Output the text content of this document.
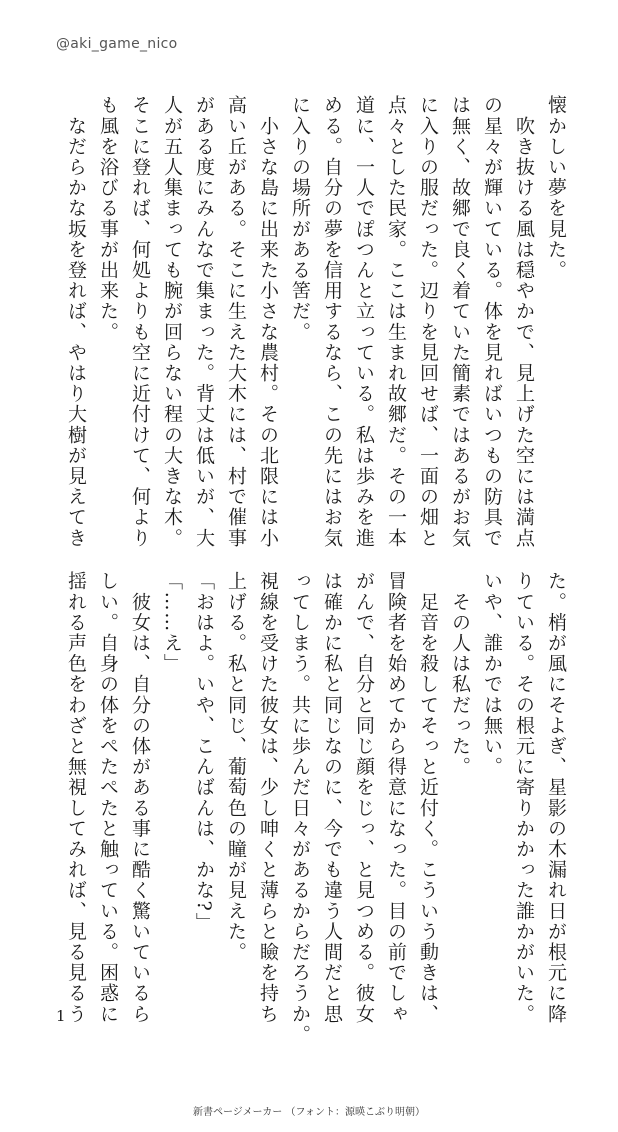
@aki_game_nico

懐かしい夢を見た。

　吹き抜ける風は穏やかで、見上げた空には満点

の星々が輝いている。体を見ればいつもの防具で

は無く、故郷で良く着ていた簡素ではあるがお気

に入りの服だった。辺りを見回せば、一面の畑と

点々とした民家。ここは生まれ故郷だ。その一本

道に、一人でぽつんと立っている。私は歩みを進

める。自分の夢を信用するなら、この先にはお気

に入りの場所がある筈だ。

　小さな島に出来た小さな農村。その北限には小

高い丘がある。そこに生えた大木には、村で催事

がある度にみんなで集まった。背丈は低いが、大

人が五人集まっても腕が回らない程の大きな木。

そこに登れば、何処よりも空に近付けて、何より

も風を浴びる事が出来た。

　なだらかな坂を登れば、やはり大樹が見えてき

た。梢が風にそよぎ、星影の木漏れ日が根元に降

りている。その根元に寄りかかった誰かがいた。

いや、誰かでは無い。

　その人は私だった。

　足音を殺してそっと近付く。こういう動きは、

冒険者を始めてから得意になった。目の前でしゃ

がんで、自分と同じ顔をじっ、と見つめる。彼女

は確かに私と同じなのに、今でも違う人間だと思

ってしまう。共に歩んだ日々があるからだろうか。

視線を受けた彼女は、少し呻くと薄らと瞼を持ち

上げる。私と同じ、葡萄色の瞳が見えた。

「おはよ。いや、こんばんは、かな?」

「……え」

　彼女は、自分の体がある事に酷く驚いているら

しい。自身の体をぺたぺたと触っている。困惑に

揺れる声色をわざと無視してみれば、見る見るう

1
新書ページメーカー （フォント：源暎こぶり明朝）
